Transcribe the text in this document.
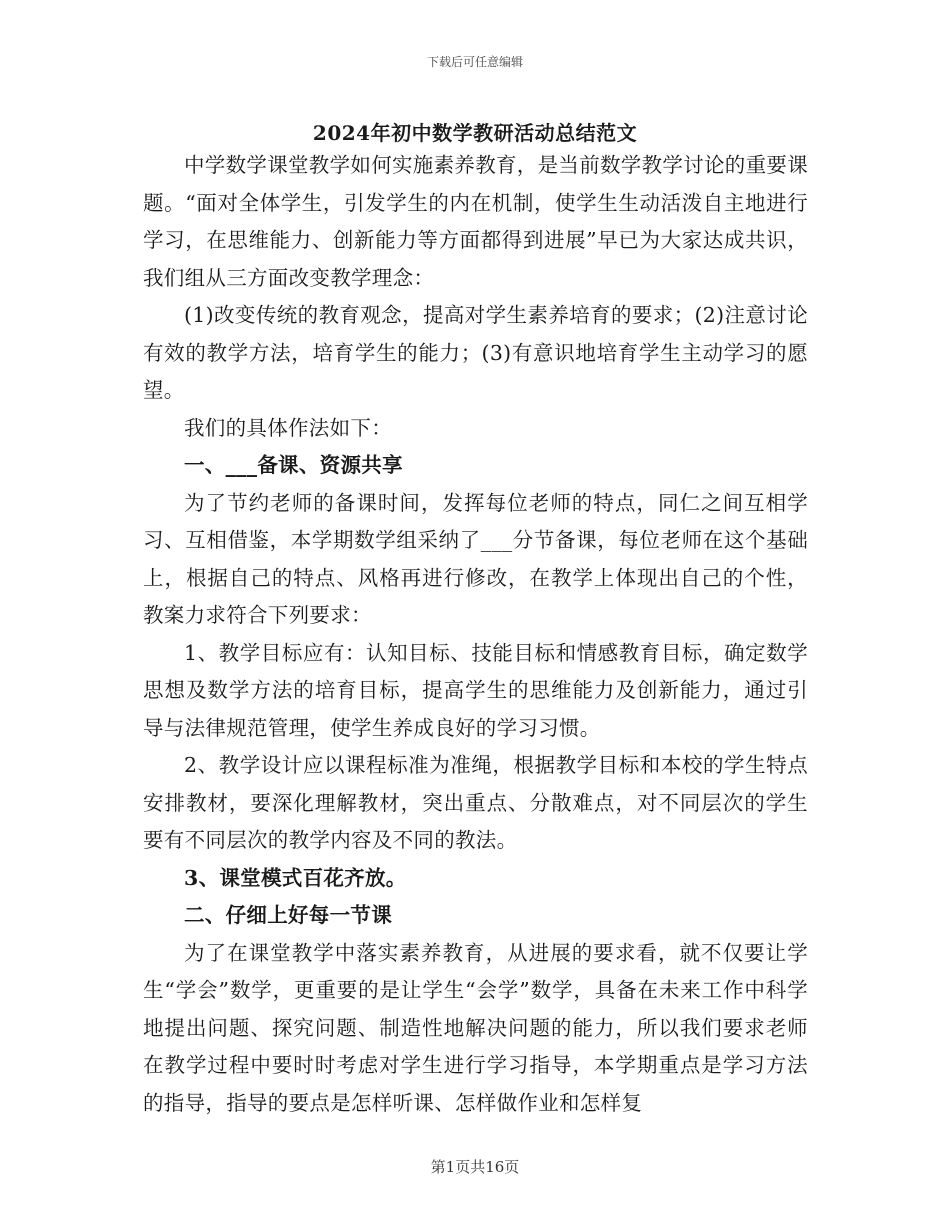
下载后可任意编辑
2024年初中数学教研活动总结范文

中学数学课堂教学如何实施素养教育，是当前数学教学讨论的重要课题。“面对全体学生，引发学生的内在机制，使学生生动活泼自主地进行学习，在思维能力、创新能力等方面都得到进展”早已为大家达成共识，我们组从三方面改变教学理念：

(1)改变传统的教育观念，提高对学生素养培育的要求；(2)注意讨论有效的教学方法，培育学生的能力；(3)有意识地培育学生主动学习的愿望。

我们的具体作法如下：

一、___备课、资源共享

为了节约老师的备课时间，发挥每位老师的特点，同仁之间互相学习、互相借鉴，本学期数学组采纳了___分节备课，每位老师在这个基础上，根据自己的特点、风格再进行修改，在教学上体现出自己的个性，教案力求符合下列要求：

1、教学目标应有：认知目标、技能目标和情感教育目标，确定数学思想及数学方法的培育目标，提高学生的思维能力及创新能力，通过引导与法律规范管理，使学生养成良好的学习习惯。

2、教学设计应以课程标准为准绳，根据教学目标和本校的学生特点安排教材，要深化理解教材，突出重点、分散难点，对不同层次的学生要有不同层次的教学内容及不同的教法。

3、课堂模式百花齐放。

二、仔细上好每一节课

为了在课堂教学中落实素养教育，从进展的要求看，就不仅要让学生“学会”数学，更重要的是让学生“会学”数学，具备在未来工作中科学地提出问题、探究问题、制造性地解决问题的能力，所以我们要求老师在教学过程中要时时考虑对学生进行学习指导，本学期重点是学习方法的指导，指导的要点是怎样听课、怎样做作业和怎样复

第1页共16页
